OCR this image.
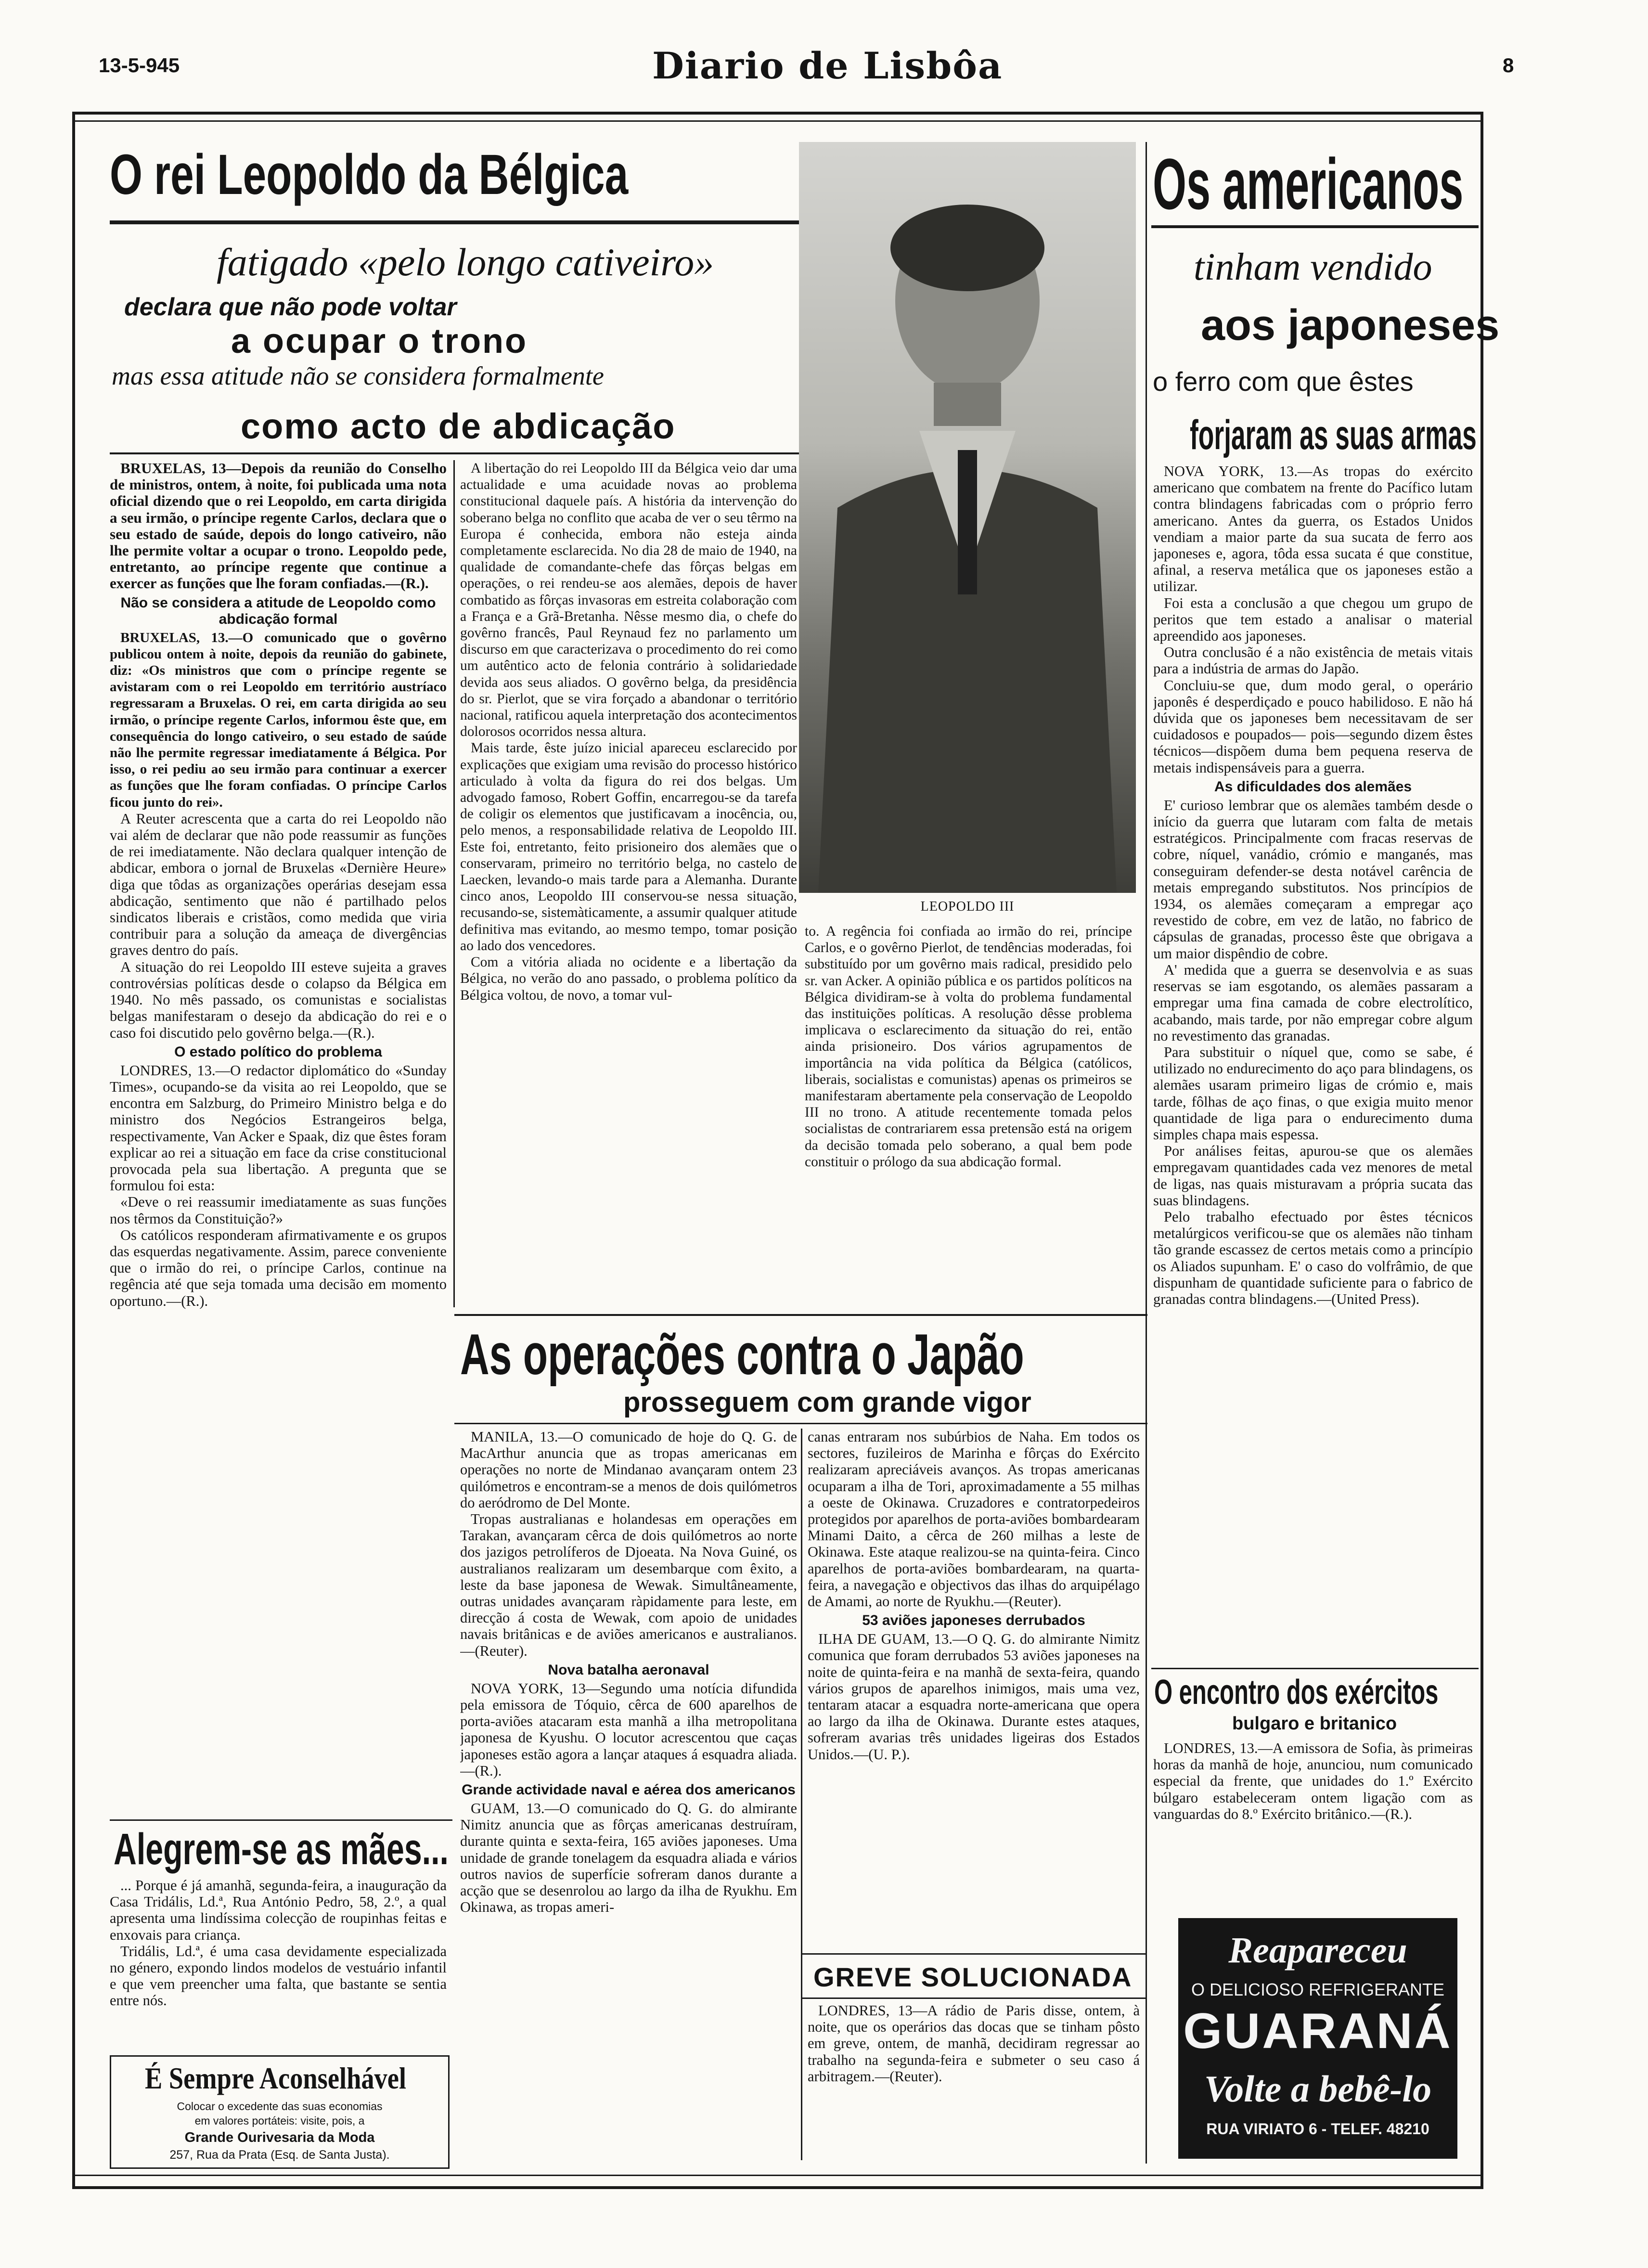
13-5-945	Diario de Lisbôa	8
O rei Leopoldo da Bélgica
fatigado «pelo longo cativeiro»
declara que não pode voltar
a ocupar o trono
mas essa atitude não se considera formalmente
como acto de abdicação

BRUXELAS, 13—Depois da reunião do Conselho de ministros, ontem, à noite, foi publicada uma nota oficial dizendo que o rei Leopoldo, em carta dirigida a seu irmão, o príncipe regente Carlos, declara que o seu estado de saúde, depois do longo cativeiro, não lhe permite voltar a ocupar o trono. Leopoldo pede, entretanto, ao príncipe regente que continue a exercer as funções que lhe foram confiadas.—(R.).

Não se considera a atitude de Leopoldo como abdicação formal

BRUXELAS, 13.—O comunicado que o govêrno publicou ontem à noite, depois da reunião do gabinete, diz: «Os ministros que com o príncipe regente se avistaram com o rei Leopoldo em território austríaco regressaram a Bruxelas. O rei, em carta dirigida ao seu irmão, o príncipe regente Carlos, informou êste que, em consequência do longo cativeiro, o seu estado de saúde não lhe permite regressar imediatamente á Bélgica. Por isso, o rei pediu ao seu irmão para continuar a exercer as funções que lhe foram confiadas. O príncipe Carlos ficou junto do rei».

A Reuter acrescenta que a carta do rei Leopoldo não vai além de declarar que não pode reassumir as funções de rei imediatamente. Não declara qualquer intenção de abdicar, embora o jornal de Bruxelas «Dernière Heure» diga que tôdas as organizações operárias desejam essa abdicação, sentimento que não é partilhado pelos sindicatos liberais e cristãos, como medida que viria contribuir para a solução da ameaça de divergências graves dentro do país.

A situação do rei Leopoldo III esteve sujeita a graves controvérsias políticas desde o colapso da Bélgica em 1940. No mês passado, os comunistas e socialistas belgas manifestaram o desejo da abdicação do rei e o caso foi discutido pelo govêrno belga.—(R.).

O estado político do problema

LONDRES, 13.—O redactor diplomático do «Sunday Times», ocupando-se da visita ao rei Leopoldo, que se encontra em Salzburg, do Primeiro Ministro belga e do ministro dos Negócios Estrangeiros belga, respectivamente, Van Acker e Spaak, diz que êstes foram explicar ao rei a situação em face da crise constitucional provocada pela sua libertação. A pregunta que se formulou foi esta:

«Deve o rei reassumir imediatamente as suas funções nos têrmos da Constituição?»

Os católicos responderam afirmativamente e os grupos das esquerdas negativamente. Assim, parece conveniente que o irmão do rei, o príncipe Carlos, continue na regência até que seja tomada uma decisão em momento oportuno.—(R.).

A libertação do rei Leopoldo III da Bélgica veio dar uma actualidade e uma acuidade novas ao problema constitucional daquele país. A história da intervenção do soberano belga no conflito que acaba de ver o seu têrmo na Europa é conhecida, embora não esteja ainda completamente esclarecida. No dia 28 de maio de 1940, na qualidade de comandante-chefe das fôrças belgas em operações, o rei rendeu-se aos alemães, depois de haver combatido as fôrças invasoras em estreita colaboração com a França e a Grã-Bretanha. Nêsse mesmo dia, o chefe do govêrno francês, Paul Reynaud fez no parlamento um discurso em que caracterizava o procedimento do rei como um autêntico acto de felonia contrário à solidariedade devida aos seus aliados. O govêrno belga, da presidência do sr. Pierlot, que se vira forçado a abandonar o território nacional, ratificou aquela interpretação dos acontecimentos dolorosos ocorridos nessa altura.

Mais tarde, êste juízo inicial apareceu esclarecido por explicações que exigiam uma revisão do processo histórico articulado à volta da figura do rei dos belgas. Um advogado famoso, Robert Goffin, encarregou-se da tarefa de coligir os elementos que justificavam a inocência, ou, pelo menos, a responsabilidade relativa de Leopoldo III. Este foi, entretanto, feito prisioneiro dos alemães que o conservaram, primeiro no território belga, no castelo de Laecken, levando-o mais tarde para a Alemanha. Durante cinco anos, Leopoldo III conservou-se nessa situação, recusando-se, sistemàticamente, a assumir qualquer atitude definitiva mas evitando, ao mesmo tempo, tomar posição ao lado dos vencedores.

Com a vitória aliada no ocidente e a libertação da Bélgica, no verão do ano passado, o problema político da Bélgica voltou, de novo, a tomar vul-

LEOPOLDO III

to. A regência foi confiada ao irmão do rei, príncipe Carlos, e o govêrno Pierlot, de tendências moderadas, foi substituído por um govêrno mais radical, presidido pelo sr. van Acker. A opinião pública e os partidos políticos na Bélgica dividiram-se à volta do problema fundamental das instituições políticas. A resolução dêsse problema implicava o esclarecimento da situação do rei, então ainda prisioneiro. Dos vários agrupamentos de importância na vida política da Bélgica (católicos, liberais, socialistas e comunistas) apenas os primeiros se manifestaram abertamente pela conservação de Leopoldo III no trono. A atitude recentemente tomada pelos socialistas de contrariarem essa pretensão está na origem da decisão tomada pelo soberano, a qual bem pode constituir o prólogo da sua abdicação formal.

As operações contra o Japão
prosseguem com grande vigor

MANILA, 13.—O comunicado de hoje do Q. G. de MacArthur anuncia que as tropas americanas em operações no norte de Mindanao avançaram ontem 23 quilómetros e encontram-se a menos de dois quilómetros do aeródromo de Del Monte.

Tropas australianas e holandesas em operações em Tarakan, avançaram cêrca de dois quilómetros ao norte dos jazigos petrolíferos de Djoeata. Na Nova Guiné, os australianos realizaram um desembarque com êxito, a leste da base japonesa de Wewak. Simultâneamente, outras unidades avançaram ràpidamente para leste, em direcção á costa de Wewak, com apoio de unidades navais britânicas e de aviões americanos e australianos.—(Reuter).

Nova batalha aeronaval

NOVA YORK, 13—Segundo uma notícia difundida pela emissora de Tóquio, cêrca de 600 aparelhos de porta-aviões atacaram esta manhã a ilha metropolitana japonesa de Kyushu. O locutor acrescentou que caças japoneses estão agora a lançar ataques á esquadra aliada.—(R.).

Grande actividade naval e aérea dos americanos

GUAM, 13.—O comunicado do Q. G. do almirante Nimitz anuncia que as fôrças americanas destruíram, durante quinta e sexta-feira, 165 aviões japoneses. Uma unidade de grande tonelagem da esquadra aliada e vários outros navios de superfície sofreram danos durante a acção que se desenrolou ao largo da ilha de Ryukhu. Em Okinawa, as tropas ameri-

canas entraram nos subúrbios de Naha. Em todos os sectores, fuzileiros de Marinha e fôrças do Exército realizaram apreciáveis avanços. As tropas americanas ocuparam a ilha de Tori, aproximadamente a 55 milhas a oeste de Okinawa. Cruzadores e contratorpedeiros protegidos por aparelhos de porta-aviões bombardearam Minami Daito, a cêrca de 260 milhas a leste de Okinawa. Este ataque realizou-se na quinta-feira. Cinco aparelhos de porta-aviões bombardearam, na quarta-feira, a navegação e objectivos das ilhas do arquipélago de Amami, ao norte de Ryukhu.—(Reuter).

53 aviões japoneses derrubados

ILHA DE GUAM, 13.—O Q. G. do almirante Nimitz comunica que foram derrubados 53 aviões japoneses na noite de quinta-feira e na manhã de sexta-feira, quando vários grupos de aparelhos inimigos, mais uma vez, tentaram atacar a esquadra norte-americana que opera ao largo da ilha de Okinawa. Durante estes ataques, sofreram avarias três unidades ligeiras dos Estados Unidos.—(U. P.).

GREVE SOLUCIONADA

LONDRES, 13—A rádio de Paris disse, ontem, à noite, que os operários das docas que se tinham pôsto em greve, ontem, de manhã, decidiram regressar ao trabalho na segunda-feira e submeter o seu caso á arbitragem.—(Reuter).

Alegrem-se as mães...

... Porque é já amanhã, segunda-feira, a inauguração da Casa Tridális, Ld.ª, Rua António Pedro, 58, 2.º, a qual apresenta uma lindíssima colecção de roupinhas feitas e enxovais para criança.

Tridális, Ld.ª, é uma casa devidamente especializada no género, expondo lindos modelos de vestuário infantil e que vem preencher uma falta, que bastante se sentia entre nós.

É Sempre Aconselhável
Colocar o excedente das suas economias
em valores portáteis: visite, pois, a
Grande Ourivesaria da Moda
257, Rua da Prata (Esq. de Santa Justa).
Os americanos
tinham vendido
aos japoneses
o ferro com que êstes
forjaram as suas armas

NOVA YORK, 13.—As tropas do exército americano que combatem na frente do Pacífico lutam contra blindagens fabricadas com o próprio ferro americano. Antes da guerra, os Estados Unidos vendiam a maior parte da sua sucata de ferro aos japoneses e, agora, tôda essa sucata é que constitue, afinal, a reserva metálica que os japoneses estão a utilizar.

Foi esta a conclusão a que chegou um grupo de peritos que tem estado a analisar o material apreendido aos japoneses.

Outra conclusão é a não existência de metais vitais para a indústria de armas do Japão.

Concluiu-se que, dum modo geral, o operário japonês é desperdiçado e pouco habilidoso. E não há dúvida que os japoneses bem necessitavam de ser cuidadosos e poupados— pois—segundo dizem êstes técnicos—dispõem duma bem pequena reserva de metais indispensáveis para a guerra.

As dificuldades dos alemães

E' curioso lembrar que os alemães também desde o início da guerra que lutaram com falta de metais estratégicos. Principalmente com fracas reservas de cobre, níquel, vanádio, crómio e manganés, mas conseguiram defender-se desta notável carência de metais empregando substitutos. Nos princípios de 1934, os alemães começaram a empregar aço revestido de cobre, em vez de latão, no fabrico de cápsulas de granadas, processo êste que obrigava a um maior dispêndio de cobre.

A' medida que a guerra se desenvolvia e as suas reservas se iam esgotando, os alemães passaram a empregar uma fina camada de cobre electrolítico, acabando, mais tarde, por não empregar cobre algum no revestimento das granadas.

Para substituir o níquel que, como se sabe, é utilizado no endurecimento do aço para blindagens, os alemães usaram primeiro ligas de crómio e, mais tarde, fôlhas de aço finas, o que exigia muito menor quantidade de liga para o endurecimento duma simples chapa mais espessa.

Por análises feitas, apurou-se que os alemães empregavam quantidades cada vez menores de metal de ligas, nas quais misturavam a própria sucata das suas blindagens.

Pelo trabalho efectuado por êstes técnicos metalúrgicos verificou-se que os alemães não tinham tão grande escassez de certos metais como a princípio os Aliados supunham. E' o caso do volfrâmio, de que dispunham de quantidade suficiente para o fabrico de granadas contra blindagens.—(United Press).

O encontro dos exércitos
bulgaro e britanico

LONDRES, 13.—A emissora de Sofia, às primeiras horas da manhã de hoje, anunciou, num comunicado especial da frente, que unidades do 1.º Exército búlgaro estabeleceram ontem ligação com as vanguardas do 8.º Exército britânico.—(R.).

Reapareceu
O DELICIOSO REFRIGERANTE
GUARANÁ
Volte a bebê-lo
RUA VIRIATO 6 - TELEF. 48210
